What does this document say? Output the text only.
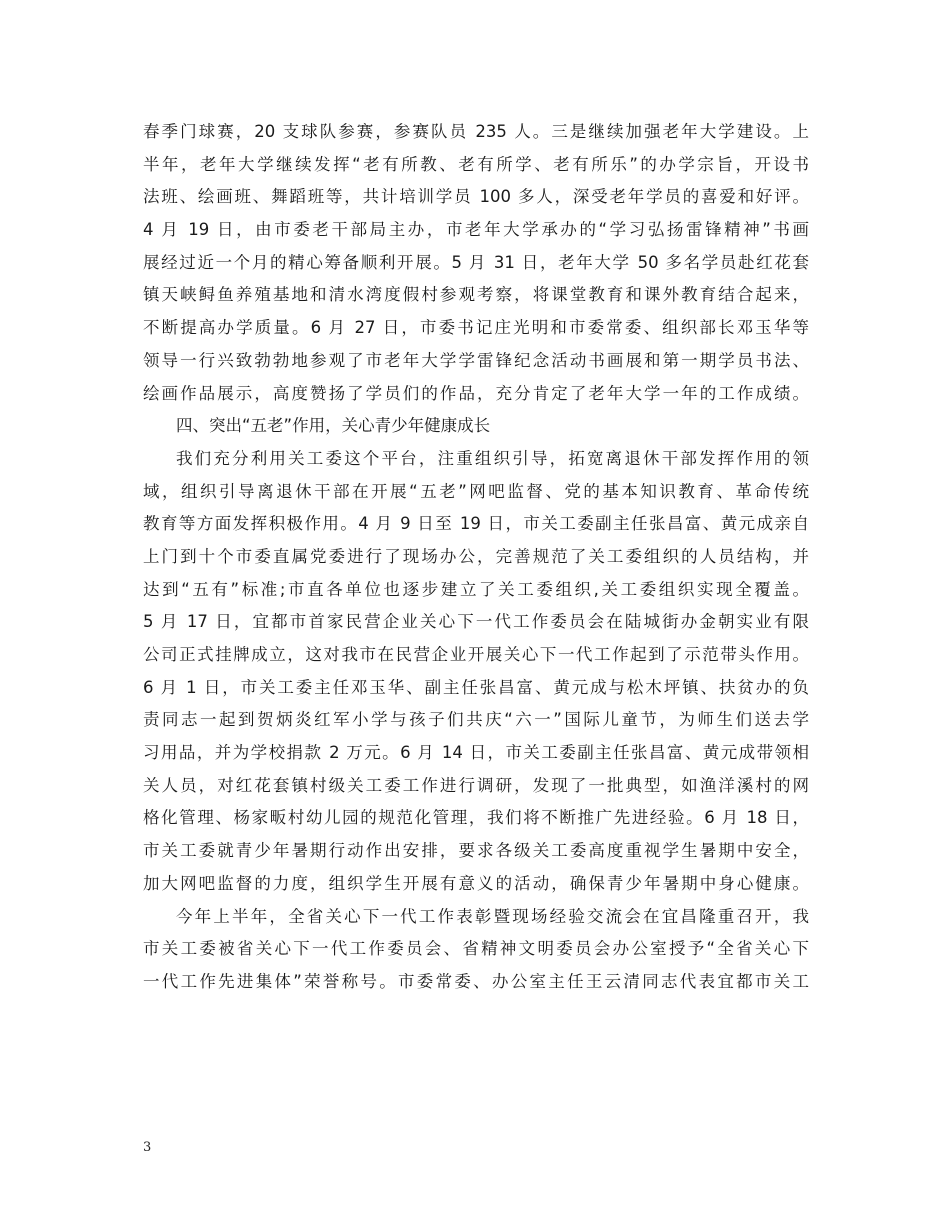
春季门球赛，20 支球队参赛，参赛队员 235 人。三是继续加强老年大学建设。上
半年，老年大学继续发挥“老有所教、老有所学、老有所乐”的办学宗旨，开设书
法班、绘画班、舞蹈班等，共计培训学员 100 多人，深受老年学员的喜爱和好评。
4 月 19 日，由市委老干部局主办，市老年大学承办的“学习弘扬雷锋精神”书画
展经过近一个月的精心筹备顺利开展。5 月 31 日，老年大学 50 多名学员赴红花套
镇天峡鲟鱼养殖基地和清水湾度假村参观考察，将课堂教育和课外教育结合起来，
不断提高办学质量。6 月 27 日，市委书记庄光明和市委常委、组织部长邓玉华等
领导一行兴致勃勃地参观了市老年大学学雷锋纪念活动书画展和第一期学员书法、
绘画作品展示，高度赞扬了学员们的作品，充分肯定了老年大学一年的工作成绩。
四、突出“五老”作用，关心青少年健康成长
我们充分利用关工委这个平台，注重组织引导，拓宽离退休干部发挥作用的领
域，组织引导离退休干部在开展“五老”网吧监督、党的基本知识教育、革命传统
教育等方面发挥积极作用。4 月 9 日至 19 日，市关工委副主任张昌富、黄元成亲自
上门到十个市委直属党委进行了现场办公，完善规范了关工委组织的人员结构，并
达到“五有”标准;市直各单位也逐步建立了关工委组织,关工委组织实现全覆盖。
5 月 17 日，宜都市首家民营企业关心下一代工作委员会在陆城街办金朝实业有限
公司正式挂牌成立，这对我市在民营企业开展关心下一代工作起到了示范带头作用。
6 月 1 日，市关工委主任邓玉华、副主任张昌富、黄元成与松木坪镇、扶贫办的负
责同志一起到贺炳炎红军小学与孩子们共庆“六一”国际儿童节，为师生们送去学
习用品，并为学校捐款 2 万元。6 月 14 日，市关工委副主任张昌富、黄元成带领相
关人员，对红花套镇村级关工委工作进行调研，发现了一批典型，如渔洋溪村的网
格化管理、杨家畈村幼儿园的规范化管理，我们将不断推广先进经验。6 月 18 日，
市关工委就青少年暑期行动作出安排，要求各级关工委高度重视学生暑期中安全，
加大网吧监督的力度，组织学生开展有意义的活动，确保青少年暑期中身心健康。
今年上半年，全省关心下一代工作表彰暨现场经验交流会在宜昌隆重召开，我
市关工委被省关心下一代工作委员会、省精神文明委员会办公室授予“全省关心下
一代工作先进集体”荣誉称号。市委常委、办公室主任王云清同志代表宜都市关工
3
